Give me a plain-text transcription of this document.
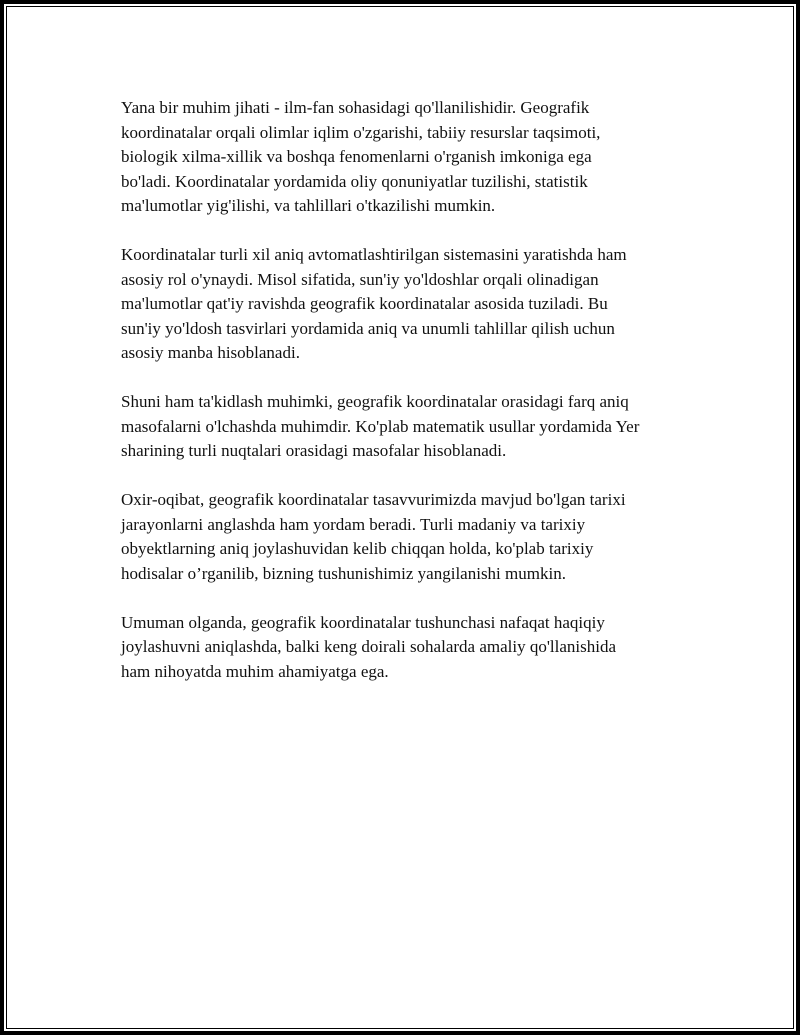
Yana bir muhim jihati - ilm-fan sohasidagi qo'llanilishidir. Geografik
koordinatalar orqali olimlar iqlim o'zgarishi, tabiiy resurslar taqsimoti,
biologik xilma-xillik va boshqa fenomenlarni o'rganish imkoniga ega
bo'ladi. Koordinatalar yordamida oliy qonuniyatlar tuzilishi, statistik
ma'lumotlar yig'ilishi, va tahlillari o'tkazilishi mumkin.

Koordinatalar turli xil aniq avtomatlashtirilgan sistemasini yaratishda ham
asosiy rol o'ynaydi. Misol sifatida, sun'iy yo'ldoshlar orqali olinadigan
ma'lumotlar qat'iy ravishda geografik koordinatalar asosida tuziladi. Bu
sun'iy yo'ldosh tasvirlari yordamida aniq va unumli tahlillar qilish uchun
asosiy manba hisoblanadi.

Shuni ham ta'kidlash muhimki, geografik koordinatalar orasidagi farq aniq
masofalarni o'lchashda muhimdir. Ko'plab matematik usullar yordamida Yer
sharining turli nuqtalari orasidagi masofalar hisoblanadi.

Oxir-oqibat, geografik koordinatalar tasavvurimizda mavjud bo'lgan tarixi
jarayonlarni anglashda ham yordam beradi. Turli madaniy va tarixiy
obyektlarning aniq joylashuvidan kelib chiqqan holda, ko'plab tarixiy
hodisalar o’rganilib, bizning tushunishimiz yangilanishi mumkin.

Umuman olganda, geografik koordinatalar tushunchasi nafaqat haqiqiy
joylashuvni aniqlashda, balki keng doirali sohalarda amaliy qo'llanishida
ham nihoyatda muhim ahamiyatga ega.
